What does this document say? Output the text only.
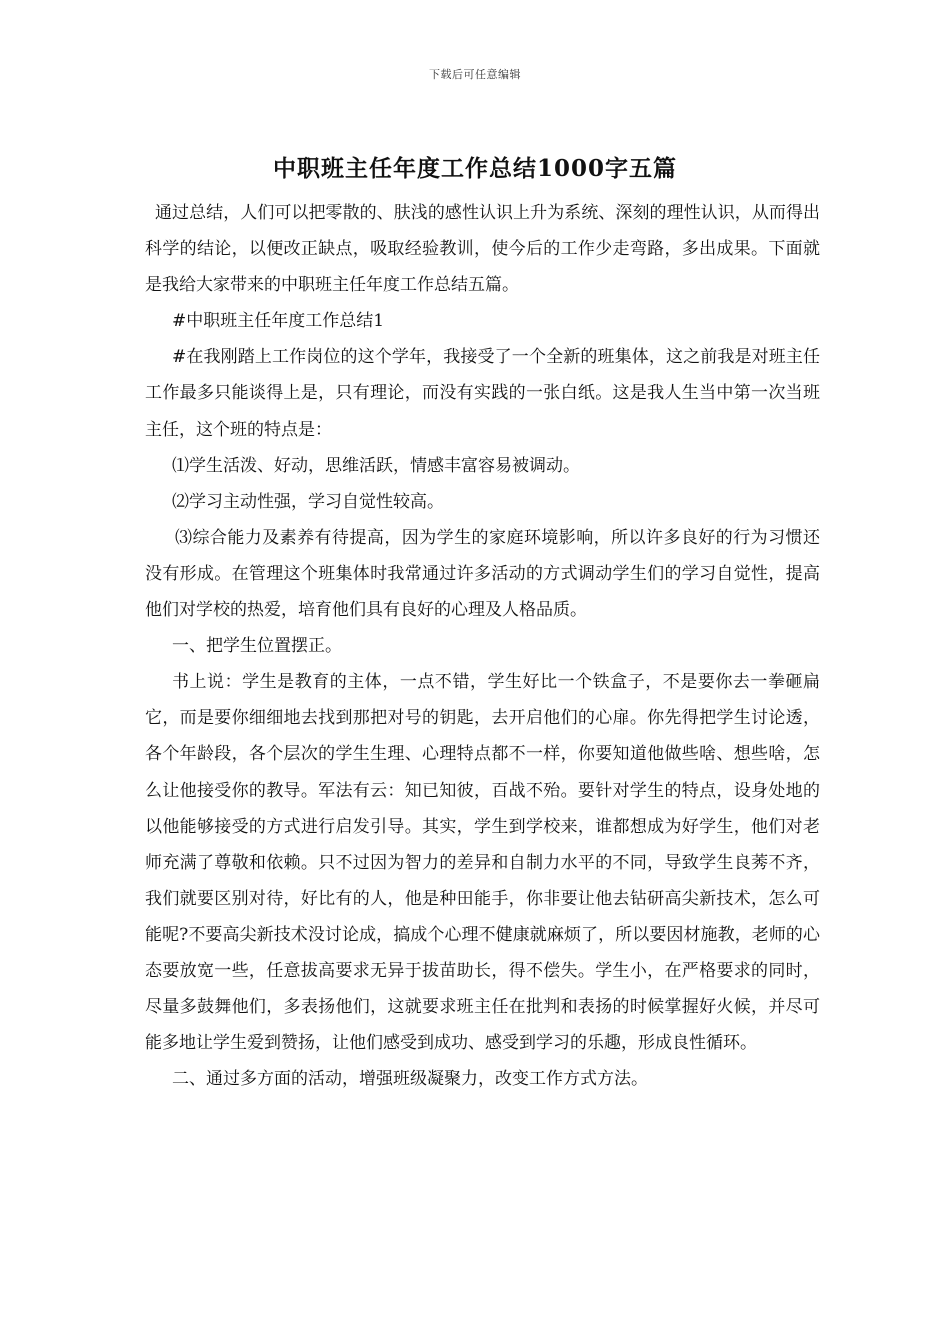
下载后可任意编辑
中职班主任年度工作总结1000字五篇

通过总结，人们可以把零散的、肤浅的感性认识上升为系统、深刻的理性认识，从而得出科学的结论，以便改正缺点，吸取经验教训，使今后的工作少走弯路，多出成果。下面就是我给大家带来的中职班主任年度工作总结五篇。

#中职班主任年度工作总结1

#在我刚踏上工作岗位的这个学年，我接受了一个全新的班集体，这之前我是对班主任工作最多只能谈得上是，只有理论，而没有实践的一张白纸。这是我人生当中第一次当班主任，这个班的特点是：

⑴学生活泼、好动，思维活跃，情感丰富容易被调动。

⑵学习主动性强，学习自觉性较高。

⑶综合能力及素养有待提高，因为学生的家庭环境影响，所以许多良好的行为习惯还没有形成。在管理这个班集体时我常通过许多活动的方式调动学生们的学习自觉性，提高他们对学校的热爱，培育他们具有良好的心理及人格品质。

一、把学生位置摆正。

书上说：学生是教育的主体，一点不错，学生好比一个铁盒子，不是要你去一拳砸扁它，而是要你细细地去找到那把对号的钥匙，去开启他们的心扉。你先得把学生讨论透，各个年龄段，各个层次的学生生理、心理特点都不一样，你要知道他做些啥、想些啥，怎么让他接受你的教导。军法有云：知已知彼，百战不殆。要针对学生的特点，设身处地的以他能够接受的方式进行启发引导。其实，学生到学校来，谁都想成为好学生，他们对老师充满了尊敬和依赖。只不过因为智力的差异和自制力水平的不同，导致学生良莠不齐，我们就要区别对待，好比有的人，他是种田能手，你非要让他去钻研高尖新技术，怎么可能呢?不要高尖新技术没讨论成，搞成个心理不健康就麻烦了，所以要因材施教，老师的心态要放宽一些，任意拔高要求无异于拔苗助长，得不偿失。学生小，在严格要求的同时，尽量多鼓舞他们，多表扬他们，这就要求班主任在批判和表扬的时候掌握好火候，并尽可能多地让学生爱到赞扬，让他们感受到成功、感受到学习的乐趣，形成良性循环。

二、通过多方面的活动，增强班级凝聚力，改变工作方式方法。
